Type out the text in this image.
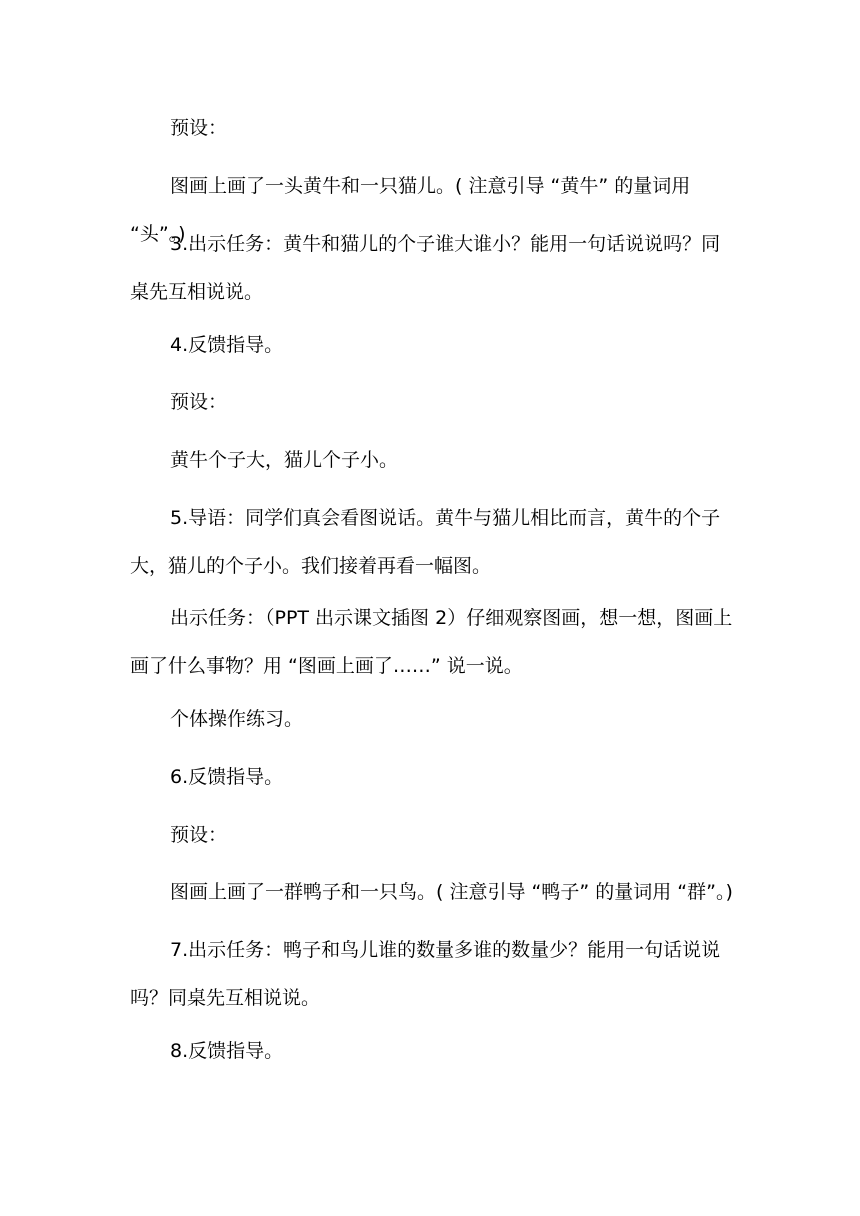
预设：

图画上画了一头黄牛和一只猫儿。( 注意引导 “黄牛” 的量词用 “头”。)

3.出示任务：黄牛和猫儿的个子谁大谁小？能用一句话说说吗？同桌先互相说说。

4.反馈指导。

预设：

黄牛个子大，猫儿个子小。

5.导语：同学们真会看图说话。黄牛与猫儿相比而言，黄牛的个子大，猫儿的个子小。我们接着再看一幅图。

出示任务：（PPT 出示课文插图 2）仔细观察图画，想一想，图画上画了什么事物？用 “图画上画了……” 说一说。

个体操作练习。

6.反馈指导。

预设：

图画上画了一群鸭子和一只鸟。( 注意引导 “鸭子” 的量词用 “群”。)

7.出示任务：鸭子和鸟儿谁的数量多谁的数量少？能用一句话说说吗？同桌先互相说说。

8.反馈指导。
